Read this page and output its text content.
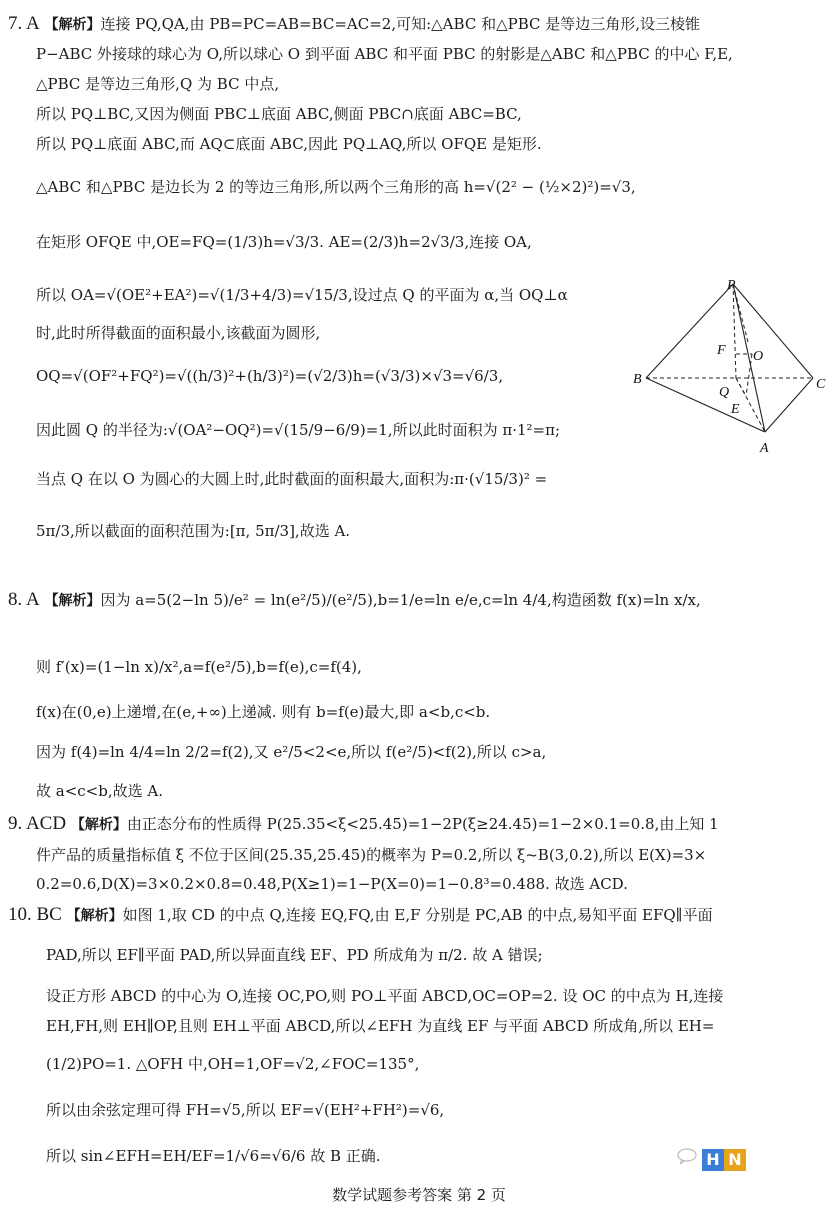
7. A 【解析】连接 PQ,QA,由 PB=PC=AB=BC=AC=2,可知:△ABC 和△PBC 是等边三角形,设三棱锥
P−ABC 外接球的球心为 O,所以球心 O 到平面 ABC 和平面 PBC 的射影是△ABC 和△PBC 的中心 F,E,
△PBC 是等边三角形,Q 为 BC 中点,
所以 PQ⊥BC,又因为侧面 PBC⊥底面 ABC,侧面 PBC∩底面 ABC=BC,
所以 PQ⊥底面 ABC,而 AQ⊂底面 ABC,因此 PQ⊥AQ,所以 OFQE 是矩形.
△ABC 和△PBC 是边长为 2 的等边三角形,所以两个三角形的高 h=√(2² − (½×2)²)=√3,
在矩形 OFQE 中,OE=FQ=(1/3)h=√3/3. AE=(2/3)h=2√3/3,连接 OA,
所以 OA=√(OE²+EA²)=√(1/3+4/3)=√15/3,设过点 Q 的平面为 α,当 OQ⊥α
时,此时所得截面的面积最小,该截面为圆形,
OQ=√(OF²+FQ²)=√((h/3)²+(h/3)²)=(√2/3)h=(√3/3)×√3=√6/3,
因此圆 Q 的半径为:√(OA²−OQ²)=√(15/9−6/9)=1,所以此时面积为 π·1²=π;
当点 Q 在以 O 为圆心的大圆上时,此时截面的面积最大,面积为:π·(√15/3)² =
5π/3,所以截面的面积范围为:[π, 5π/3],故选 A.
P
O
F
B	C
Q
E
A
8. A 【解析】因为 a=5(2−ln 5)/e² = ln(e²/5)/(e²/5),b=1/e=ln e/e,c=ln 4/4,构造函数 f(x)=ln x/x,
则 f′(x)=(1−ln x)/x²,a=f(e²/5),b=f(e),c=f(4),
f(x)在(0,e)上递增,在(e,+∞)上递减. 则有 b=f(e)最大,即 a<b,c<b.
因为 f(4)=ln 4/4=ln 2/2=f(2),又 e²/5<2<e,所以 f(e²/5)<f(2),所以 c>a,
故 a<c<b,故选 A.
9. ACD 【解析】由正态分布的性质得 P(25.35<ξ<25.45)=1−2P(ξ≥24.45)=1−2×0.1=0.8,由上知 1
件产品的质量指标值 ξ 不位于区间(25.35,25.45)的概率为 P=0.2,所以 ξ~B(3,0.2),所以 E(X)=3×
0.2=0.6,D(X)=3×0.2×0.8=0.48,P(X≥1)=1−P(X=0)=1−0.8³=0.488. 故选 ACD.
10. BC 【解析】如图 1,取 CD 的中点 Q,连接 EQ,FQ,由 E,F 分别是 PC,AB 的中点,易知平面 EFQ∥平面
PAD,所以 EF∥平面 PAD,所以异面直线 EF、PD 所成角为 π/2. 故 A 错误;
设正方形 ABCD 的中心为 O,连接 OC,PO,则 PO⊥平面 ABCD,OC=OP=2. 设 OC 的中点为 H,连接
EH,FH,则 EH∥OP,且则 EH⊥平面 ABCD,所以∠EFH 为直线 EF 与平面 ABCD 所成角,所以 EH=
(1/2)PO=1. △OFH 中,OH=1,OF=√2,∠FOC=135°,
所以由余弦定理可得 FH=√5,所以 EF=√(EH²+FH²)=√6,
所以 sin∠EFH=EH/EF=1/√6=√6/6 故 B 正确.	H N
数学试题参考答案 第 2 页
